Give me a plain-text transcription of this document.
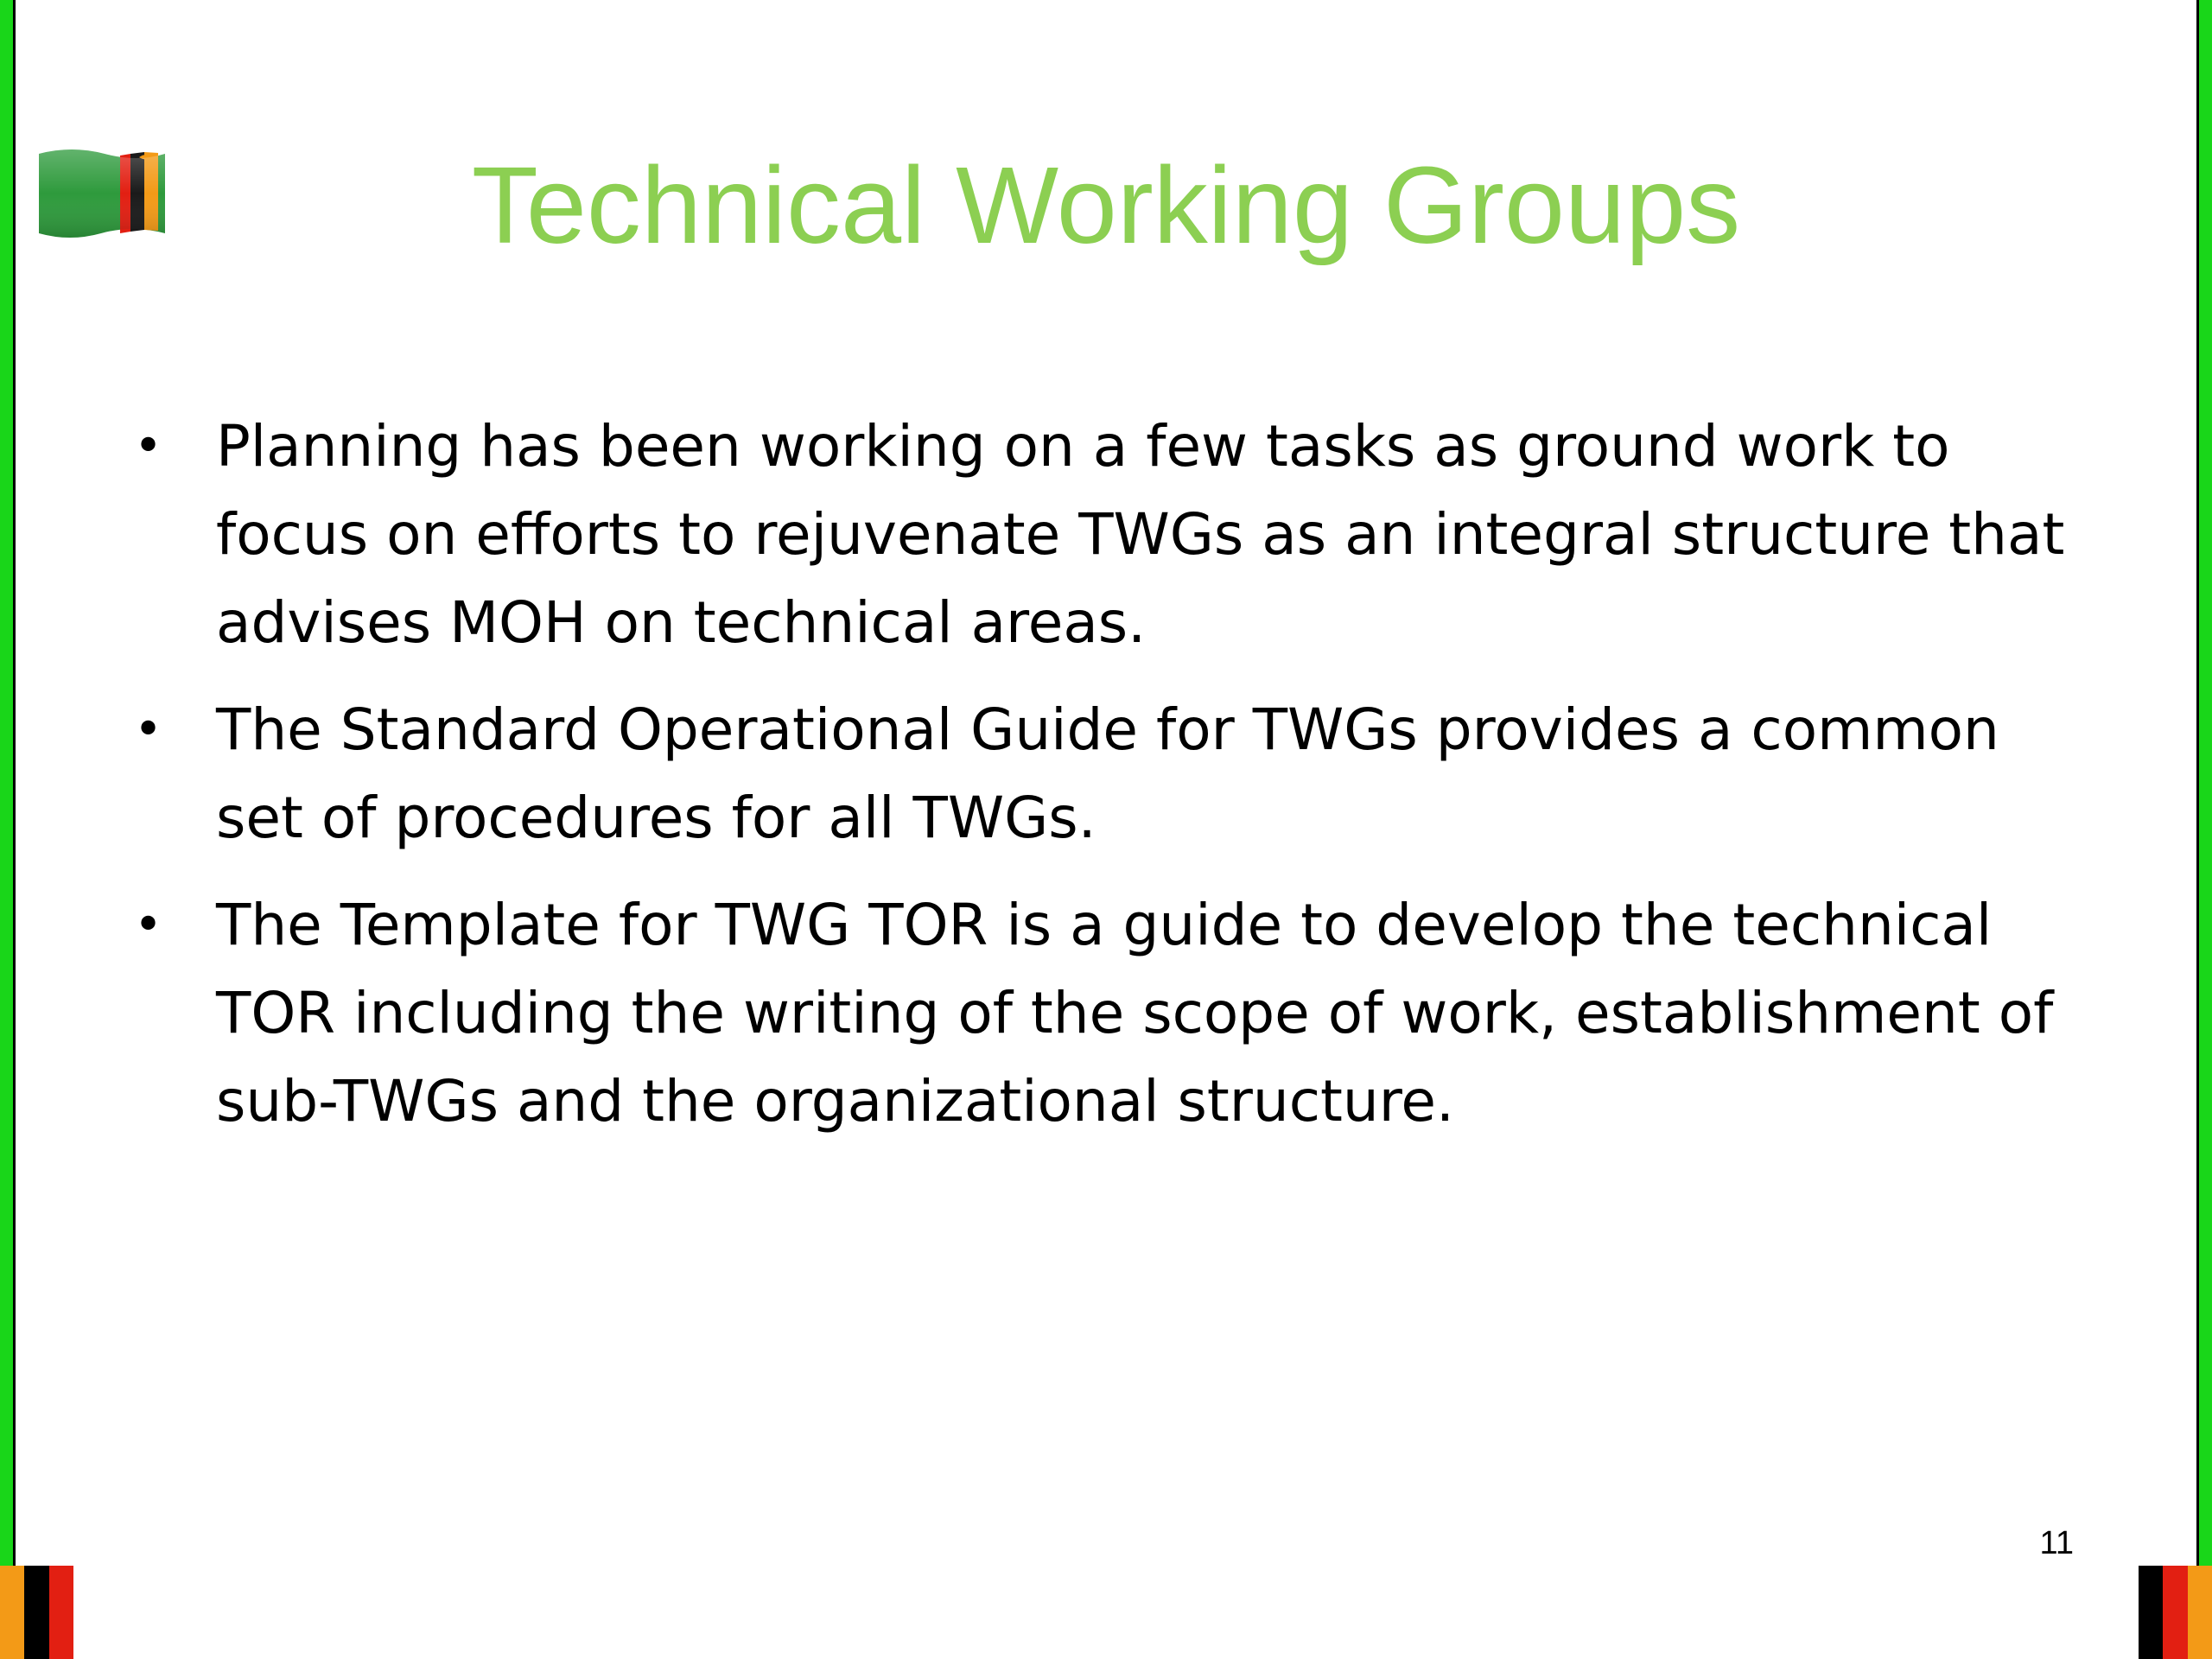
Technical Working Groups
• Planning has been working on a few tasks as ground work to focus on efforts to rejuvenate TWGs as an integral structure that advises MOH on technical areas.
• The Standard Operational Guide for TWGs provides a common set of procedures for all TWGs.
• The Template for TWG TOR is a guide to develop the technical TOR including the writing of the scope of work, establishment of sub-TWGs and the organizational structure.
11
